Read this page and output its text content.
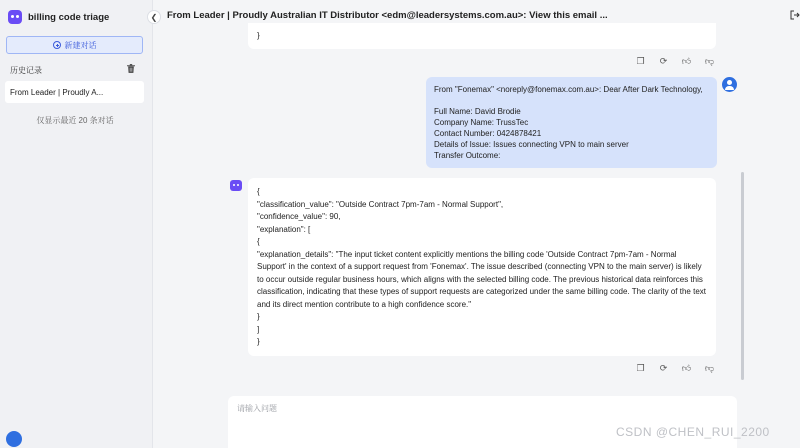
billing code triage
新建对话
历史记录
From Leader | Proudly A...
仅显示最近 20 条对话
❮ From Leader | Proudly Australian IT Distributor <edm@leadersystems.com.au>: View this email ...
}
❐ ⟳ 👍︎ 👎︎
From "Fonemax" <noreply@fonemax.com.au>: Dear After Dark Technology,
Full Name: David Brodie
Company Name: TrussTec
Contact Number: 0424878421
Details of Issue: Issues connecting VPN to main server
Transfer Outcome:
{
"classification_value": "Outside Contract 7pm-7am - Normal Support",
"confidence_value": 90,
"explanation": [
{
"explanation_details": "The input ticket content explicitly mentions the billing code 'Outside Contract 7pm-7am - Normal Support' in the context of a support request from 'Fonemax'. The issue described (connecting VPN to the main server) is likely to occur outside regular business hours, which aligns with the selected billing code. The previous historical data reinforces this classification, indicating that these types of support requests are categorized under the same billing code. The clarity of the text and its direct mention contribute to a high confidence score."
}
]
}
❐ ⟳ 👍︎ 👎︎
请输入问题
CSDN @CHEN_RUI_2200
